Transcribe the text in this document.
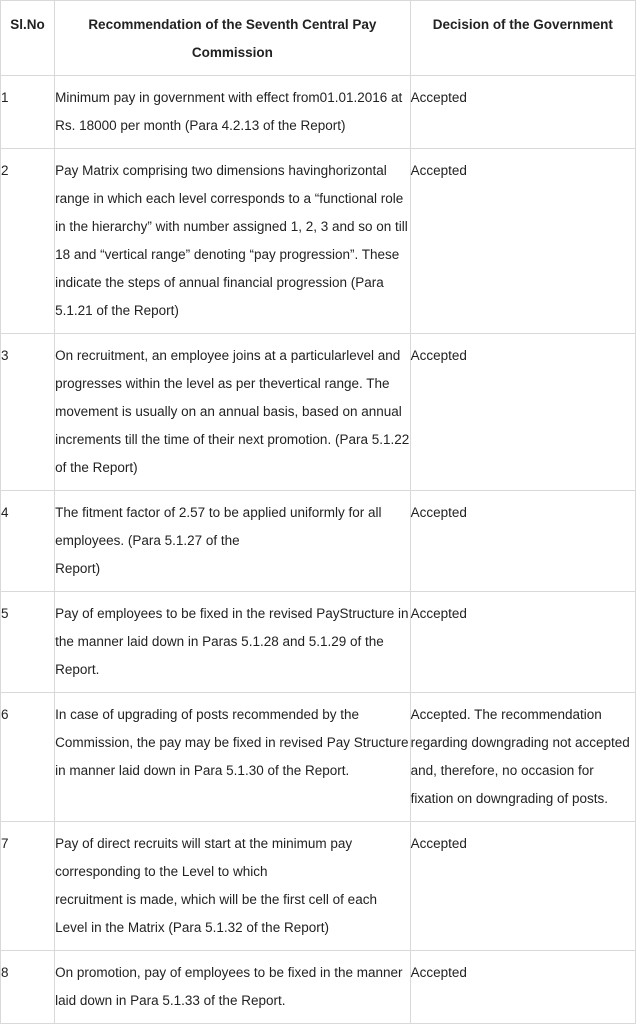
Sl.No	Recommendation of the Seventh Central Pay Commission	Decision of the Government

1	Minimum pay in government with effect from01.01.2016 at Rs. 18000 per month (Para 4.2.13 of the Report)	Accepted

2	Pay Matrix comprising two dimensions havinghorizontal range in which each level corresponds to a “functional role in the hierarchy” with number assigned 1, 2, 3 and so on till 18 and “vertical range” denoting “pay progression”. These indicate the steps of annual financial progression (Para 5.1.21 of the Report)	Accepted

3	On recruitment, an employee joins at a particularlevel and progresses within the level as per thevertical range. The movement is usually on an annual basis, based on annual increments till the time of their next promotion. (Para 5.1.22 of the Report)	Accepted

4	The fitment factor of 2.57 to be applied uniformly for all employees. (Para 5.1.27 of the
Report)	Accepted

5	Pay of employees to be fixed in the revised PayStructure in the manner laid down in Paras 5.1.28 and 5.1.29 of the Report.	Accepted

6	In case of upgrading of posts recommended by the Commission, the pay may be fixed in revised Pay Structure in manner laid down in Para 5.1.30 of the Report.	Accepted. The recommendation regarding downgrading not accepted and, therefore, no occasion for fixation on downgrading of posts.

7	Pay of direct recruits will start at the minimum pay corresponding to the Level to which
recruitment is made, which will be the first cell of each Level in the Matrix (Para 5.1.32 of the Report)	Accepted

8	On promotion, pay of employees to be fixed in the manner laid down in Para 5.1.33 of the Report.	Accepted
